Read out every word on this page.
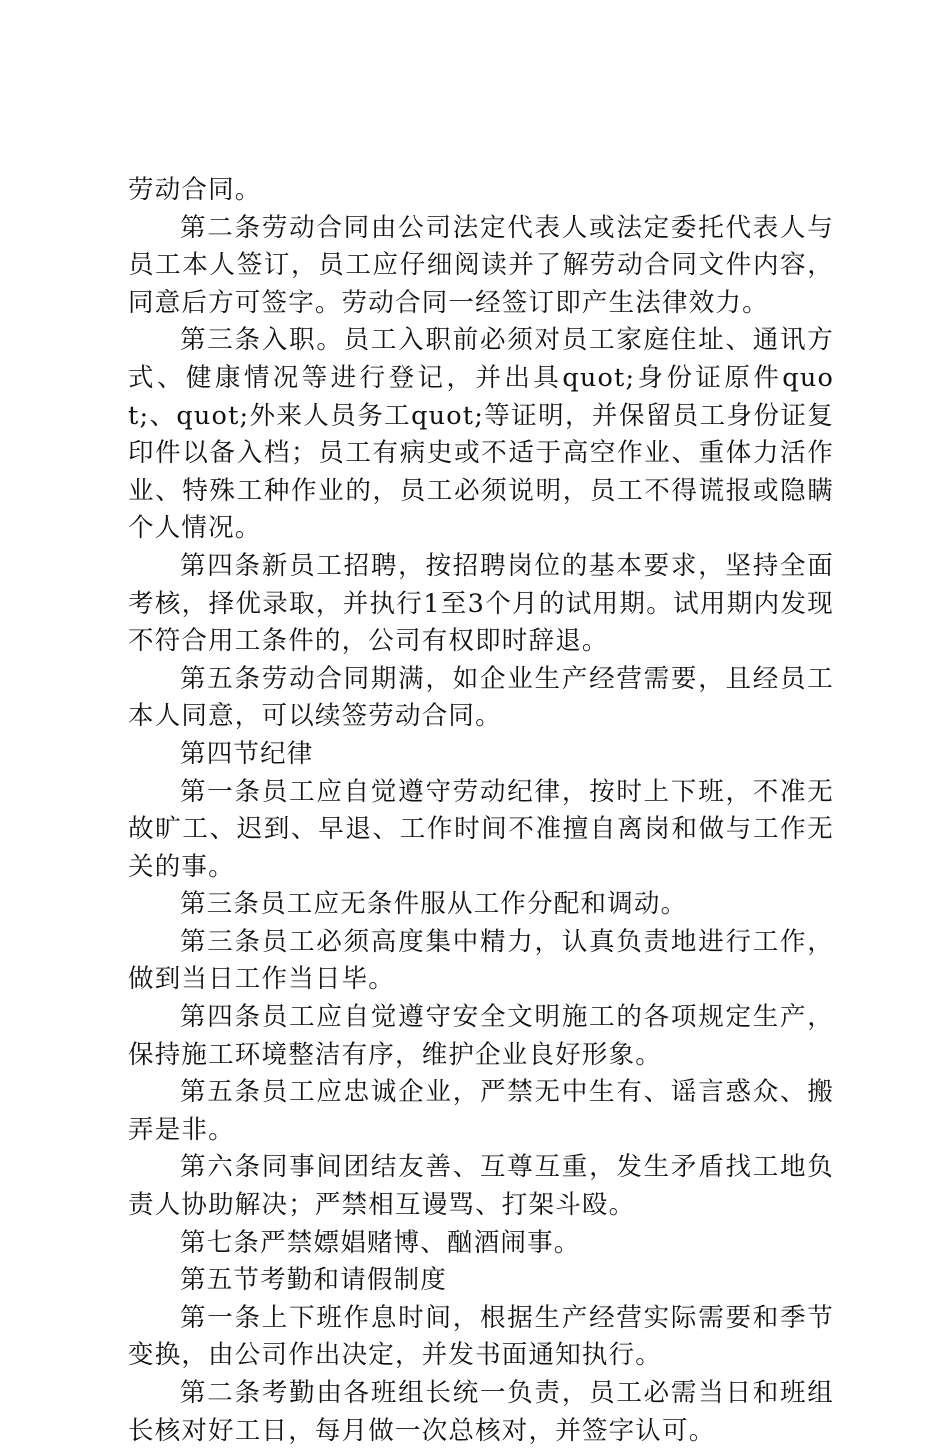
劳动合同。

第二条劳动合同由公司法定代表人或法定委托代表人与员工本人签订，员工应仔细阅读并了解劳动合同文件内容，同意后方可签字。劳动合同一经签订即产生法律效力。

第三条入职。员工入职前必须对员工家庭住址、通讯方式、健康情况等进行登记，并出具quot;身份证原件quot;、quot;外来人员务工quot;等证明，并保留员工身份证复印件以备入档；员工有病史或不适于高空作业、重体力活作业、特殊工种作业的，员工必须说明，员工不得谎报或隐瞒个人情况。

第四条新员工招聘，按招聘岗位的基本要求，坚持全面考核，择优录取，并执行1至3个月的试用期。试用期内发现不符合用工条件的，公司有权即时辞退。

第五条劳动合同期满，如企业生产经营需要，且经员工本人同意，可以续签劳动合同。

第四节纪律

第一条员工应自觉遵守劳动纪律，按时上下班，不准无故旷工、迟到、早退、工作时间不准擅自离岗和做与工作无关的事。

第三条员工应无条件服从工作分配和调动。

第三条员工必须高度集中精力，认真负责地进行工作，做到当日工作当日毕。

第四条员工应自觉遵守安全文明施工的各项规定生产，保持施工环境整洁有序，维护企业良好形象。

第五条员工应忠诚企业，严禁无中生有、谣言惑众、搬弄是非。

第六条同事间团结友善、互尊互重，发生矛盾找工地负责人协助解决；严禁相互谩骂、打架斗殴。

第七条严禁嫖娼赌博、酗酒闹事。

第五节考勤和请假制度

第一条上下班作息时间，根据生产经营实际需要和季节变换，由公司作出决定，并发书面通知执行。

第二条考勤由各班组长统一负责，员工必需当日和班组长核对好工日，每月做一次总核对，并签字认可。
